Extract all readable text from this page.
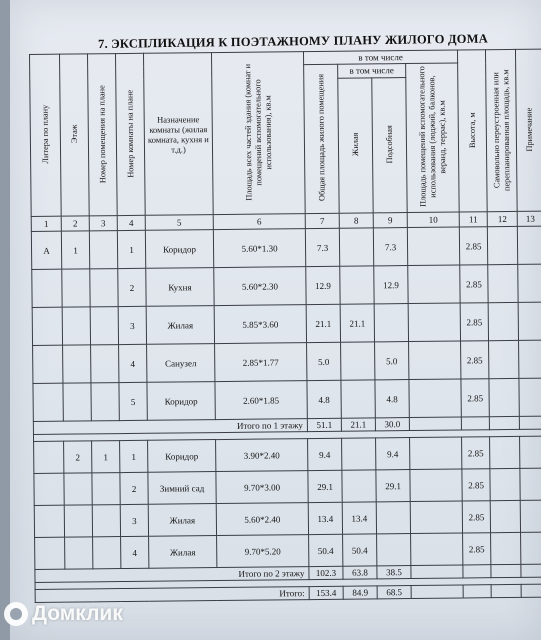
7. ЭКСПЛИКАЦИЯ К ПОЭТАЖНОМУ ПЛАНУ ЖИЛОГО ДОМА
Литера по плану	Этаж	Номер помещения на плане	Номер комнаты на плане	Назначение комнаты (жилая комната, кухня и т.д.)	Площадь всех частей здания (комнат и помещений вспомогательного использования), кв.м	в том числе				Высота, м	Самовольно переустроенная или перепланированная площадь, кв.м	Примечание
						Общая площадь жилого помещения	в том числе		Площадь помещений вспомогательного использования (лоджий, балконов, веранд, террас), кв.м			
							Жилая	Подсобная				
1	2	3	4	5	6	7	8	9	10	11	12	13
А	1		1	Коридор	5.60*1.30	7.3		7.3		2.85		
			2	Кухня	5.60*2.30	12.9		12.9		2.85		
			3	Жилая	5.85*3.60	21.1	21.1			2.85		
			4	Санузел	2.85*1.77	5.0		5.0		2.85		
			5	Коридор	2.60*1.85	4.8		4.8		2.85		
Итого по 1 этажу						51.1	21.1	30.0				

	2	1	1	Коридор	3.90*2.40	9.4		9.4		2.85		
			2	Зимний сад	9.70*3.00	29.1		29.1		2.85		
			3	Жилая	5.60*2.40	13.4	13.4			2.85		
			4	Жилая	9.70*5.20	50.4	50.4			2.85		
Итого по 2 этажу						102.3	63.8	38.5				

Итого:						153.4	84.9	68.5				
Домклик
